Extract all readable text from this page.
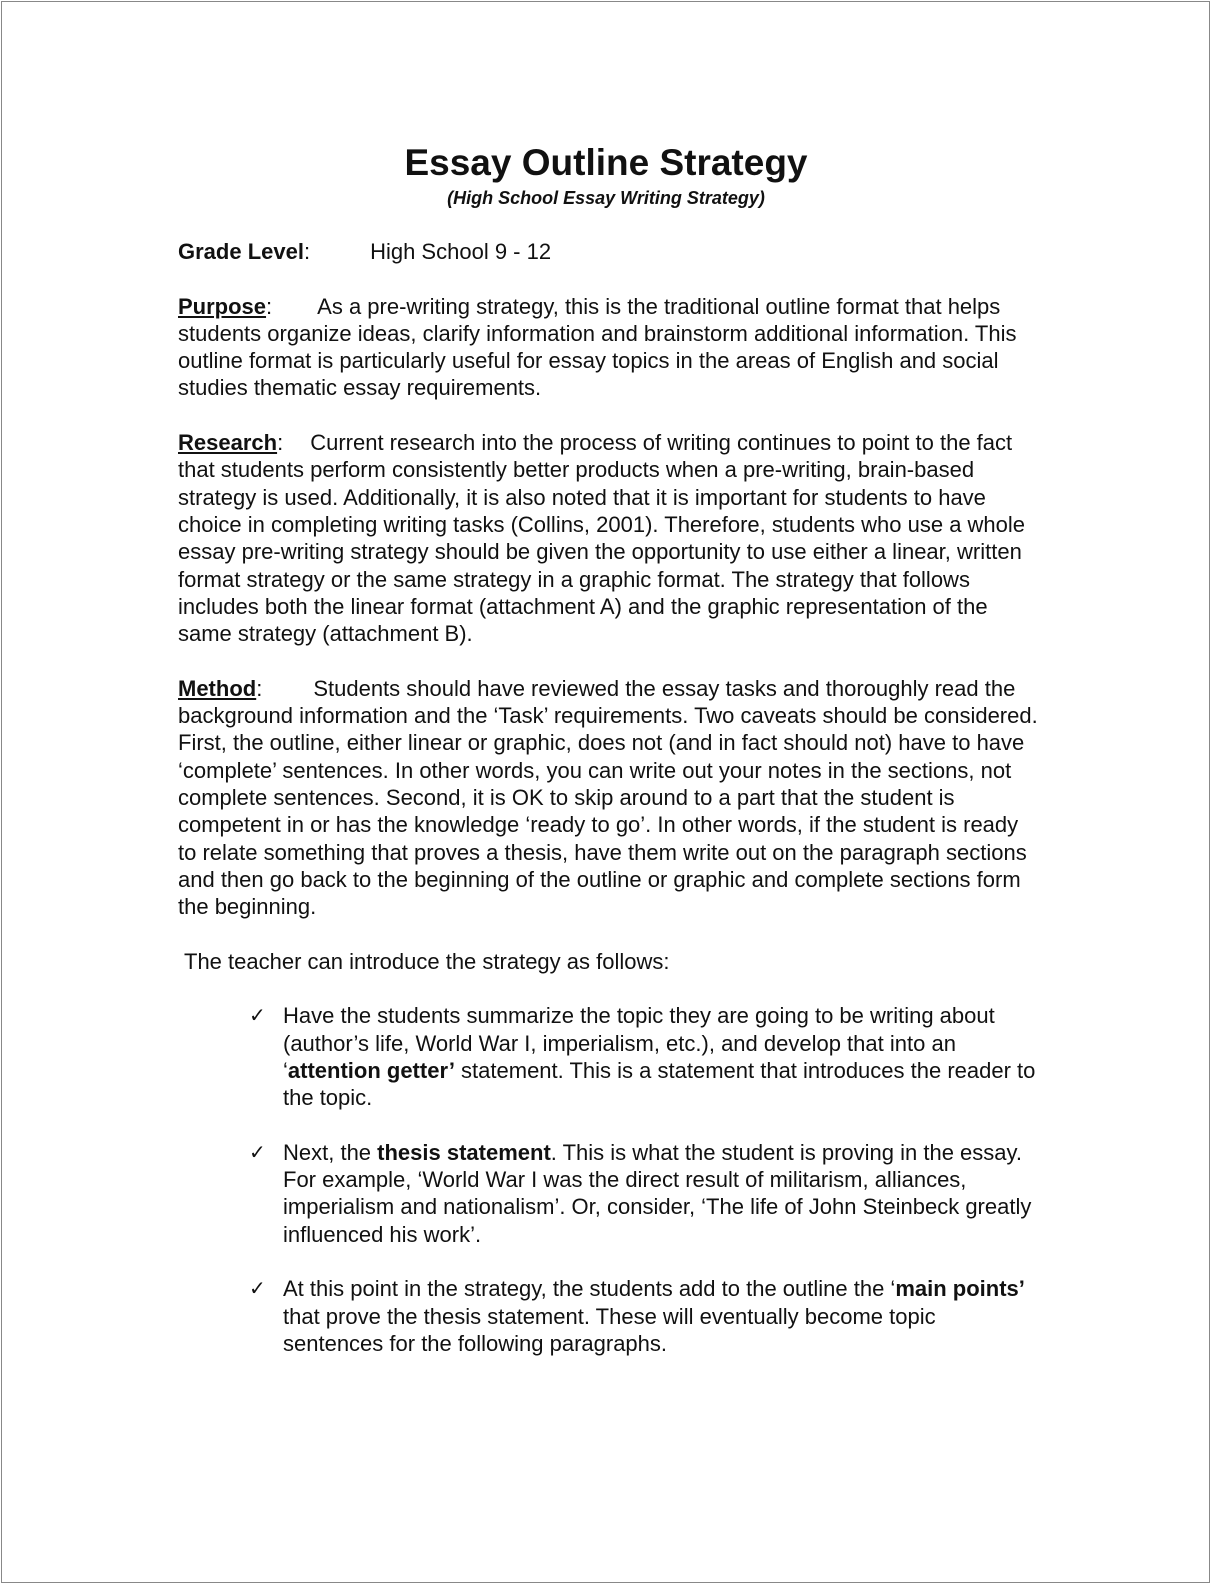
Essay Outline Strategy
(High School Essay Writing Strategy)
Grade Level:	High School 9 - 12
Purpose: As a pre-writing strategy, this is the traditional outline format that helps students organize ideas, clarify information and brainstorm additional information. This outline format is particularly useful for essay topics in the areas of English and social studies thematic essay requirements.
Research: Current research into the process of writing continues to point to the fact that students perform consistently better products when a pre-writing, brain-based strategy is used. Additionally, it is also noted that it is important for students to have choice in completing writing tasks (Collins, 2001). Therefore, students who use a whole essay pre-writing strategy should be given the opportunity to use either a linear, written format strategy or the same strategy in a graphic format. The strategy that follows includes both the linear format (attachment A) and the graphic representation of the same strategy (attachment B).
Method: Students should have reviewed the essay tasks and thoroughly read the background information and the ‘Task’ requirements. Two caveats should be considered. First, the outline, either linear or graphic, does not (and in fact should not) have to have ‘complete’ sentences. In other words, you can write out your notes in the sections, not complete sentences. Second, it is OK to skip around to a part that the student is competent in or has the knowledge ‘ready to go’. In other words, if the student is ready to relate something that proves a thesis, have them write out on the paragraph sections and then go back to the beginning of the outline or graphic and complete sections form the beginning.
The teacher can introduce the strategy as follows:
✓ Have the students summarize the topic they are going to be writing about (author’s life, World War I, imperialism, etc.), and develop that into an ‘attention getter’ statement. This is a statement that introduces the reader to the topic.
✓ Next, the thesis statement. This is what the student is proving in the essay. For example, ‘World War I was the direct result of militarism, alliances, imperialism and nationalism’. Or, consider, ‘The life of John Steinbeck greatly influenced his work’.
✓ At this point in the strategy, the students add to the outline the ‘main points’ that prove the thesis statement. These will eventually become topic sentences for the following paragraphs.
